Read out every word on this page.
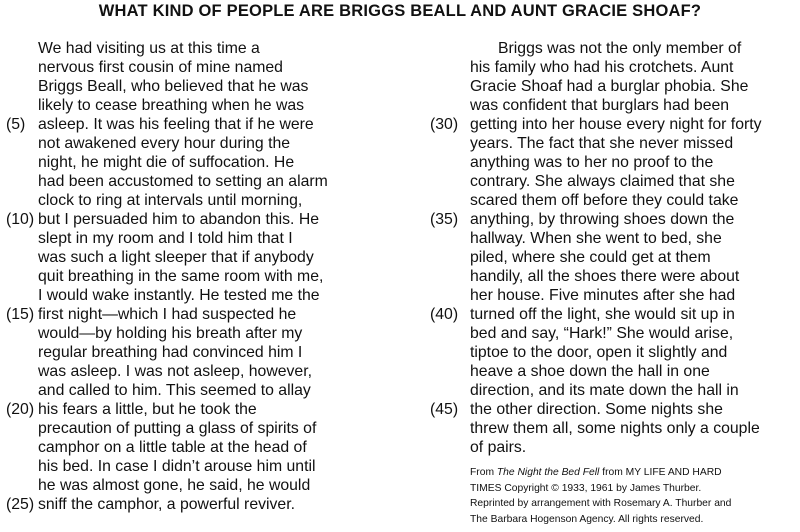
WHAT KIND OF PEOPLE ARE BRIGGS BEALL AND AUNT GRACIE SHOAF?
We had visiting us at this time a
nervous first cousin of mine named
Briggs Beall, who believed that he was
likely to cease breathing when he was
(5) asleep. It was his feeling that if he were
not awakened every hour during the
night, he might die of suffocation. He
had been accustomed to setting an alarm
clock to ring at intervals until morning,
(10) but I persuaded him to abandon this. He
slept in my room and I told him that I
was such a light sleeper that if anybody
quit breathing in the same room with me,
I would wake instantly. He tested me the
(15) first night—which I had suspected he
would—by holding his breath after my
regular breathing had convinced him I
was asleep. I was not asleep, however,
and called to him. This seemed to allay
(20) his fears a little, but he took the
precaution of putting a glass of spirits of
camphor on a little table at the head of
his bed. In case I didn’t arouse him until
he was almost gone, he said, he would
(25) sniff the camphor, a powerful reviver.
Briggs was not the only member of
his family who had his crotchets. Aunt
Gracie Shoaf had a burglar phobia. She
was confident that burglars had been
(30) getting into her house every night for forty
years. The fact that she never missed
anything was to her no proof to the
contrary. She always claimed that she
scared them off before they could take
(35) anything, by throwing shoes down the
hallway. When she went to bed, she
piled, where she could get at them
handily, all the shoes there were about
her house. Five minutes after she had
(40) turned off the light, she would sit up in
bed and say, “Hark!” She would arise,
tiptoe to the door, open it slightly and
heave a shoe down the hall in one
direction, and its mate down the hall in
(45) the other direction. Some nights she
threw them all, some nights only a couple
of pairs.
From The Night the Bed Fell from MY LIFE AND HARD
TIMES Copyright © 1933, 1961 by James Thurber.
Reprinted by arrangement with Rosemary A. Thurber and
The Barbara Hogenson Agency. All rights reserved.
